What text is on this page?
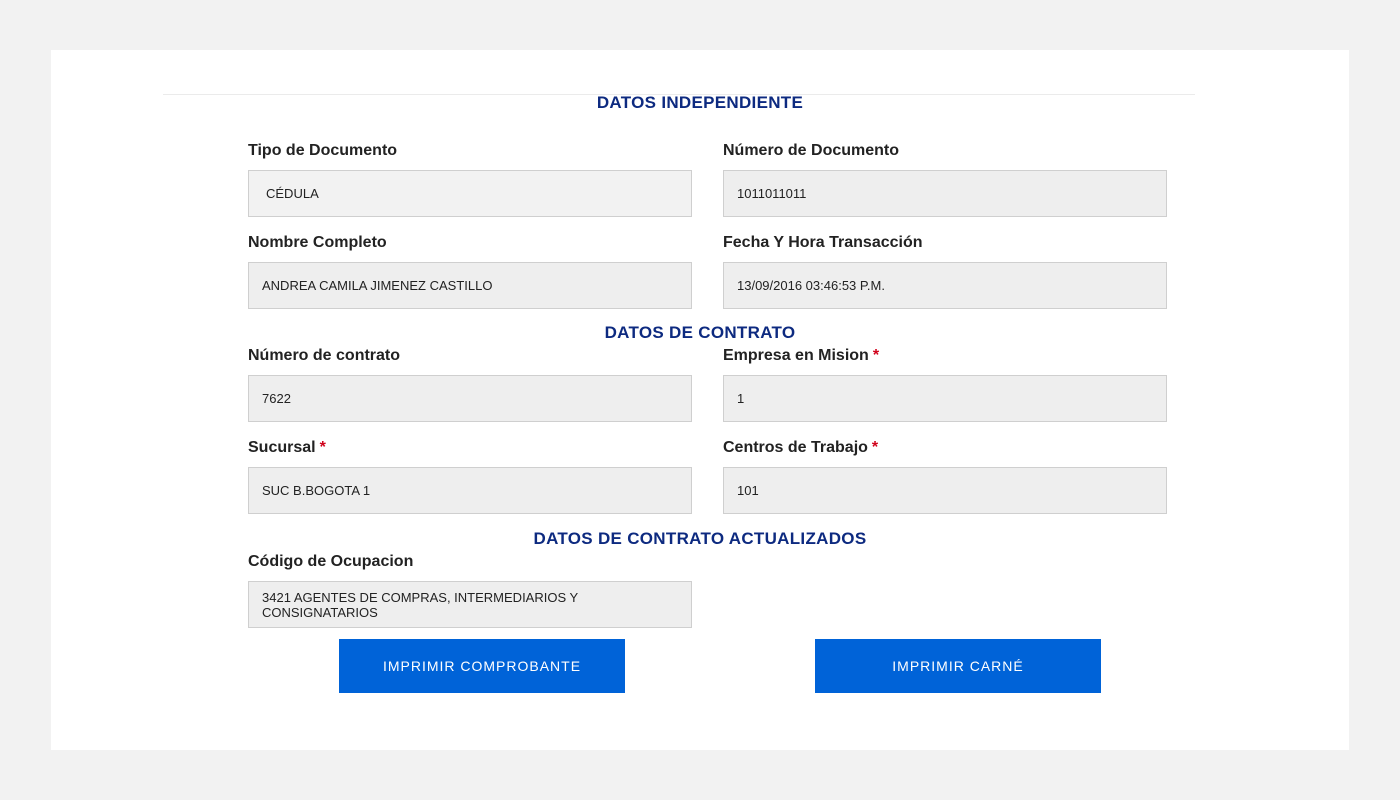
DATOS INDEPENDIENTE
Tipo de Documento
CÉDULA
Número de Documento
1011011011
Nombre Completo
ANDREA CAMILA JIMENEZ CASTILLO
Fecha Y Hora Transacción
13/09/2016 03:46:53 P.M.
DATOS DE CONTRATO
Número de contrato
7622
Empresa en Mision *
1
Sucursal *
SUC B.BOGOTA 1
Centros de Trabajo *
101
DATOS DE CONTRATO ACTUALIZADOS
Código de Ocupacion
3421 AGENTES DE COMPRAS, INTERMEDIARIOS Y CONSIGNATARIOS
IMPRIMIR COMPROBANTE	IMPRIMIR CARNÉ
